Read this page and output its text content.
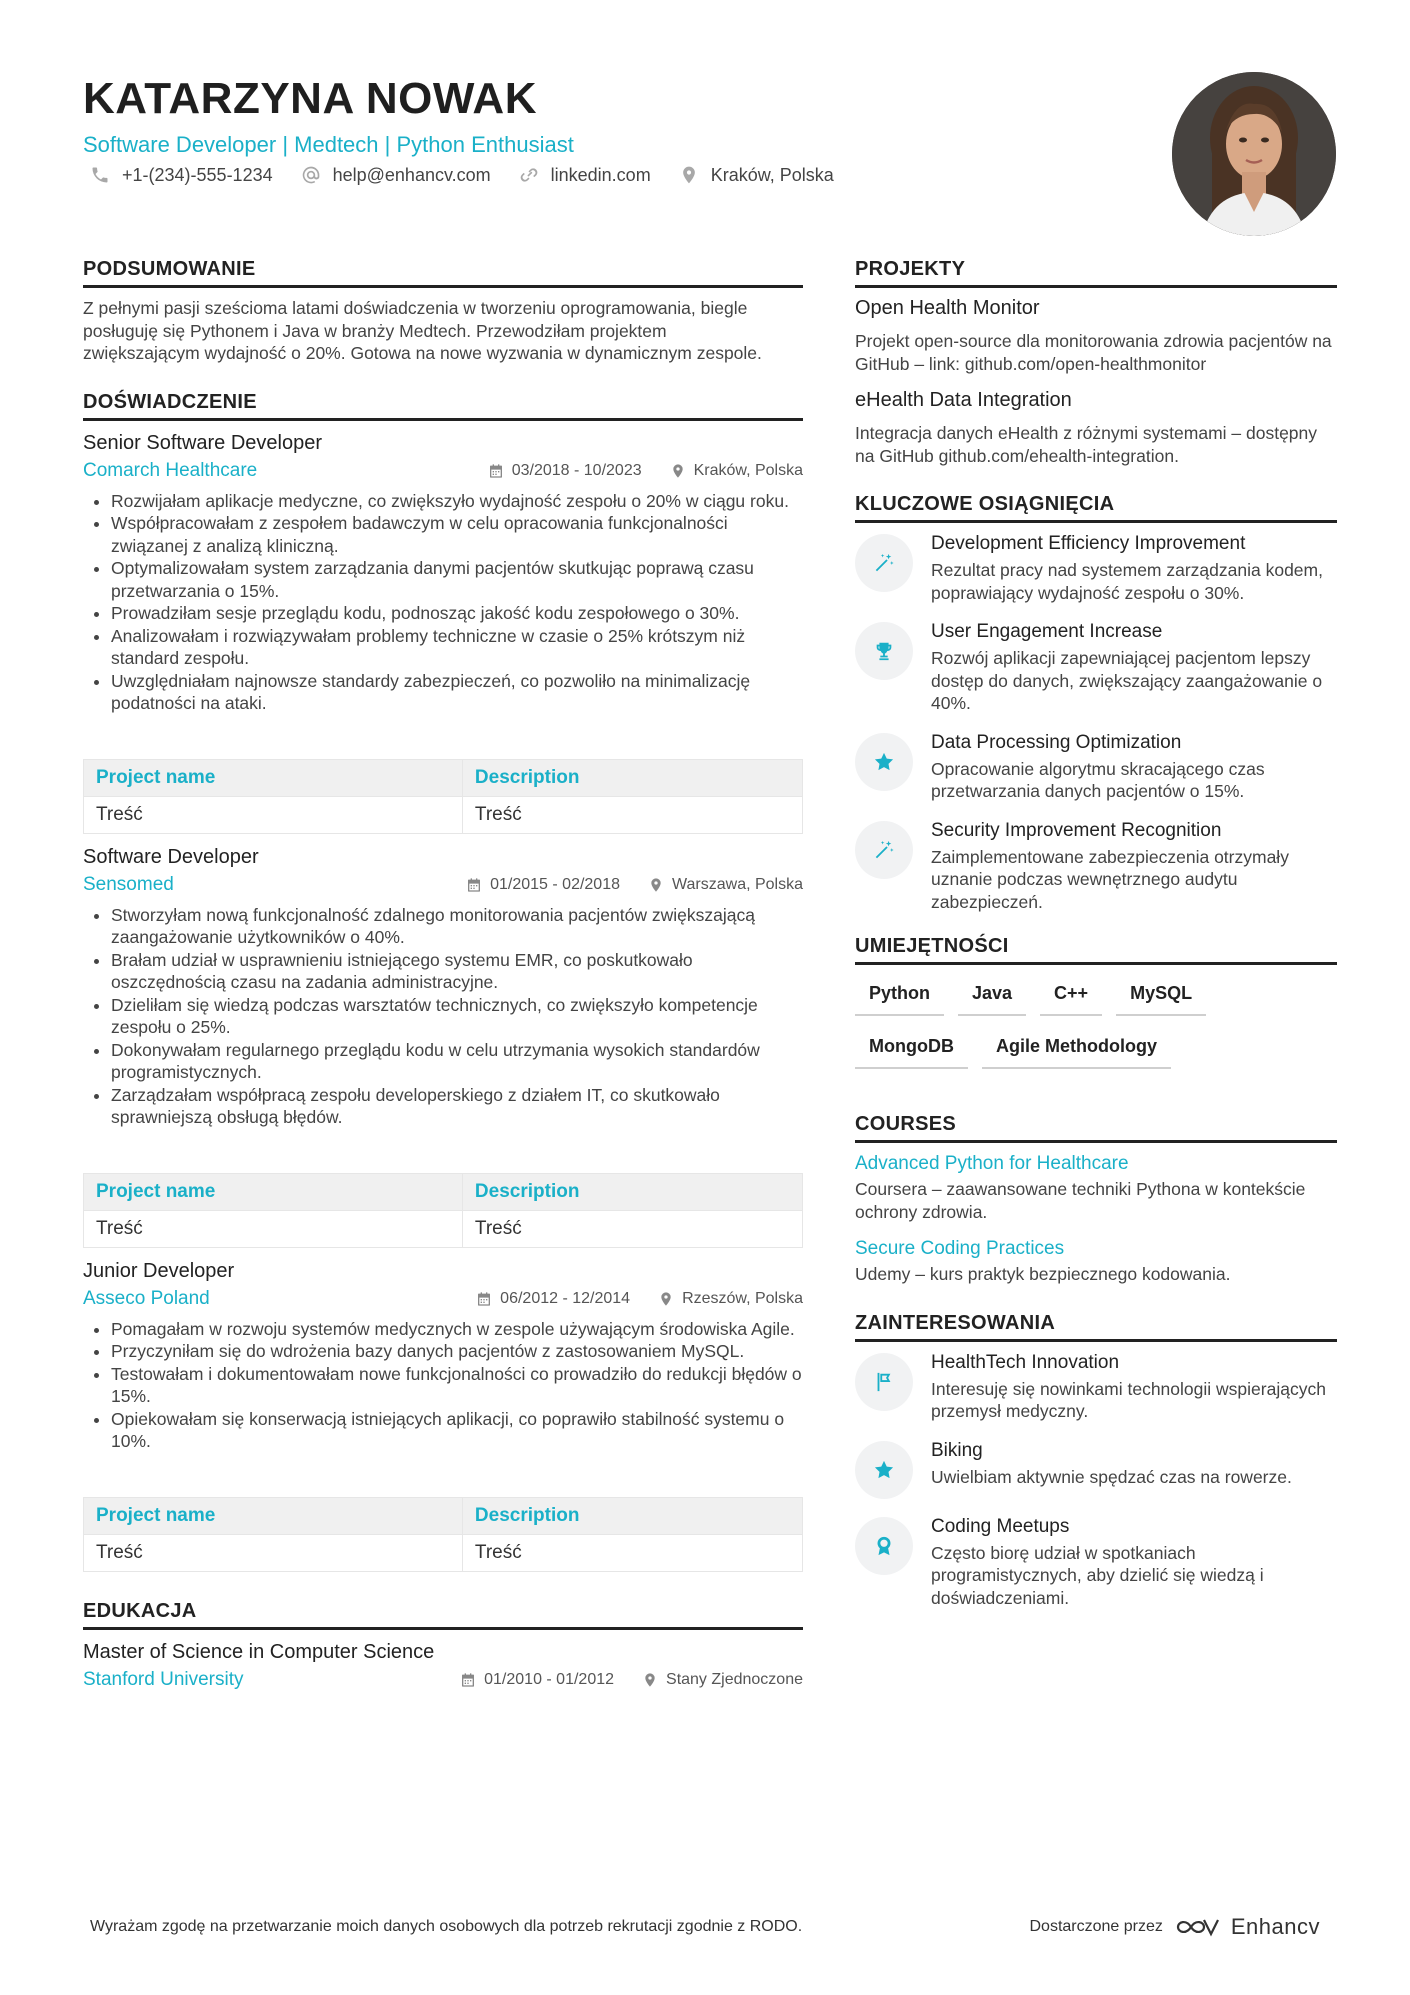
KATARZYNA NOWAK

Software Developer | Medtech | Python Enthusiast

+1-(234)-555-1234	help@enhancv.com	linkedin.com	Kraków, Polska
PODSUMOWANIE

Z pełnymi pasji sześcioma latami doświadczenia w tworzeniu oprogramowania, biegle posługuję się Pythonem i Java w branży Medtech. Przewodziłam projektem zwiększającym wydajność o 20%. Gotowa na nowe wyzwania w dynamicznym zespole.

DOŚWIADCZENIE

Senior Software Developer

Comarch Healthcare	03/2018 - 10/2023	Kraków, Polska
• Rozwijałam aplikacje medyczne, co zwiększyło wydajność zespołu o 20% w ciągu roku.
• Współpracowałam z zespołem badawczym w celu opracowania funkcjonalności związanej z analizą kliniczną.
• Optymalizowałam system zarządzania danymi pacjentów skutkując poprawą czasu przetwarzania o 15%.
• Prowadziłam sesje przeglądu kodu, podnosząc jakość kodu zespołowego o 30%.
• Analizowałam i rozwiązywałam problemy techniczne w czasie o 25% krótszym niż standard zespołu.
• Uwzględniałam najnowsze standardy zabezpieczeń, co pozwoliło na minimalizację podatności na ataki.
Project name	Description
Treść	Treść

Software Developer

Sensomed	01/2015 - 02/2018	Warszawa, Polska
• Stworzyłam nową funkcjonalność zdalnego monitorowania pacjentów zwiększającą zaangażowanie użytkowników o 40%.
• Brałam udział w usprawnieniu istniejącego systemu EMR, co poskutkowało oszczędnością czasu na zadania administracyjne.
• Dzieliłam się wiedzą podczas warsztatów technicznych, co zwiększyło kompetencje zespołu o 25%.
• Dokonywałam regularnego przeglądu kodu w celu utrzymania wysokich standardów programistycznych.
• Zarządzałam współpracą zespołu developerskiego z działem IT, co skutkowało sprawniejszą obsługą błędów.
Project name	Description
Treść	Treść

Junior Developer

Asseco Poland	06/2012 - 12/2014	Rzeszów, Polska
• Pomagałam w rozwoju systemów medycznych w zespole używającym środowiska Agile.
• Przyczyniłam się do wdrożenia bazy danych pacjentów z zastosowaniem MySQL.
• Testowałam i dokumentowałam nowe funkcjonalności co prowadziło do redukcji błędów o 15%.
• Opiekowałam się konserwacją istniejących aplikacji, co poprawiło stabilność systemu o 10%.
Project name	Description
Treść	Treść
EDUKACJA

Master of Science in Computer Science

Stanford University	01/2010 - 01/2012	Stany Zjednoczone
PROJEKTY

Open Health Monitor

Projekt open-source dla monitorowania zdrowia pacjentów na GitHub – link: github.com/open-healthmonitor

eHealth Data Integration

Integracja danych eHealth z różnymi systemami – dostępny na GitHub github.com/ehealth-integration.

KLUCZOWE OSIĄGNIĘCIA

Development Efficiency Improvement

Rezultat pracy nad systemem zarządzania kodem, poprawiający wydajność zespołu o 30%.

User Engagement Increase

Rozwój aplikacji zapewniającej pacjentom lepszy dostęp do danych, zwiększający zaangażowanie o 40%.

Data Processing Optimization

Opracowanie algorytmu skracającego czas przetwarzania danych pacjentów o 15%.

Security Improvement Recognition

Zaimplementowane zabezpieczenia otrzymały uznanie podczas wewnętrznego audytu zabezpieczeń.

UMIEJĘTNOŚCI
Python	Java	C++	MySQL
MongoDB	Agile Methodology
COURSES

Advanced Python for Healthcare

Coursera – zaawansowane techniki Pythona w kontekście ochrony zdrowia.

Secure Coding Practices

Udemy – kurs praktyk bezpiecznego kodowania.

ZAINTERESOWANIA

HealthTech Innovation

Interesuję się nowinkami technologii wspierających przemysł medyczny.

Biking

Uwielbiam aktywnie spędzać czas na rowerze.

Coding Meetups

Często biorę udział w spotkaniach programistycznych, aby dzielić się wiedzą i doświadczeniami.

Wyrażam zgodę na przetwarzanie moich danych osobowych dla potrzeb rekrutacji zgodnie z RODO.	Dostarczone przez	Enhancv
